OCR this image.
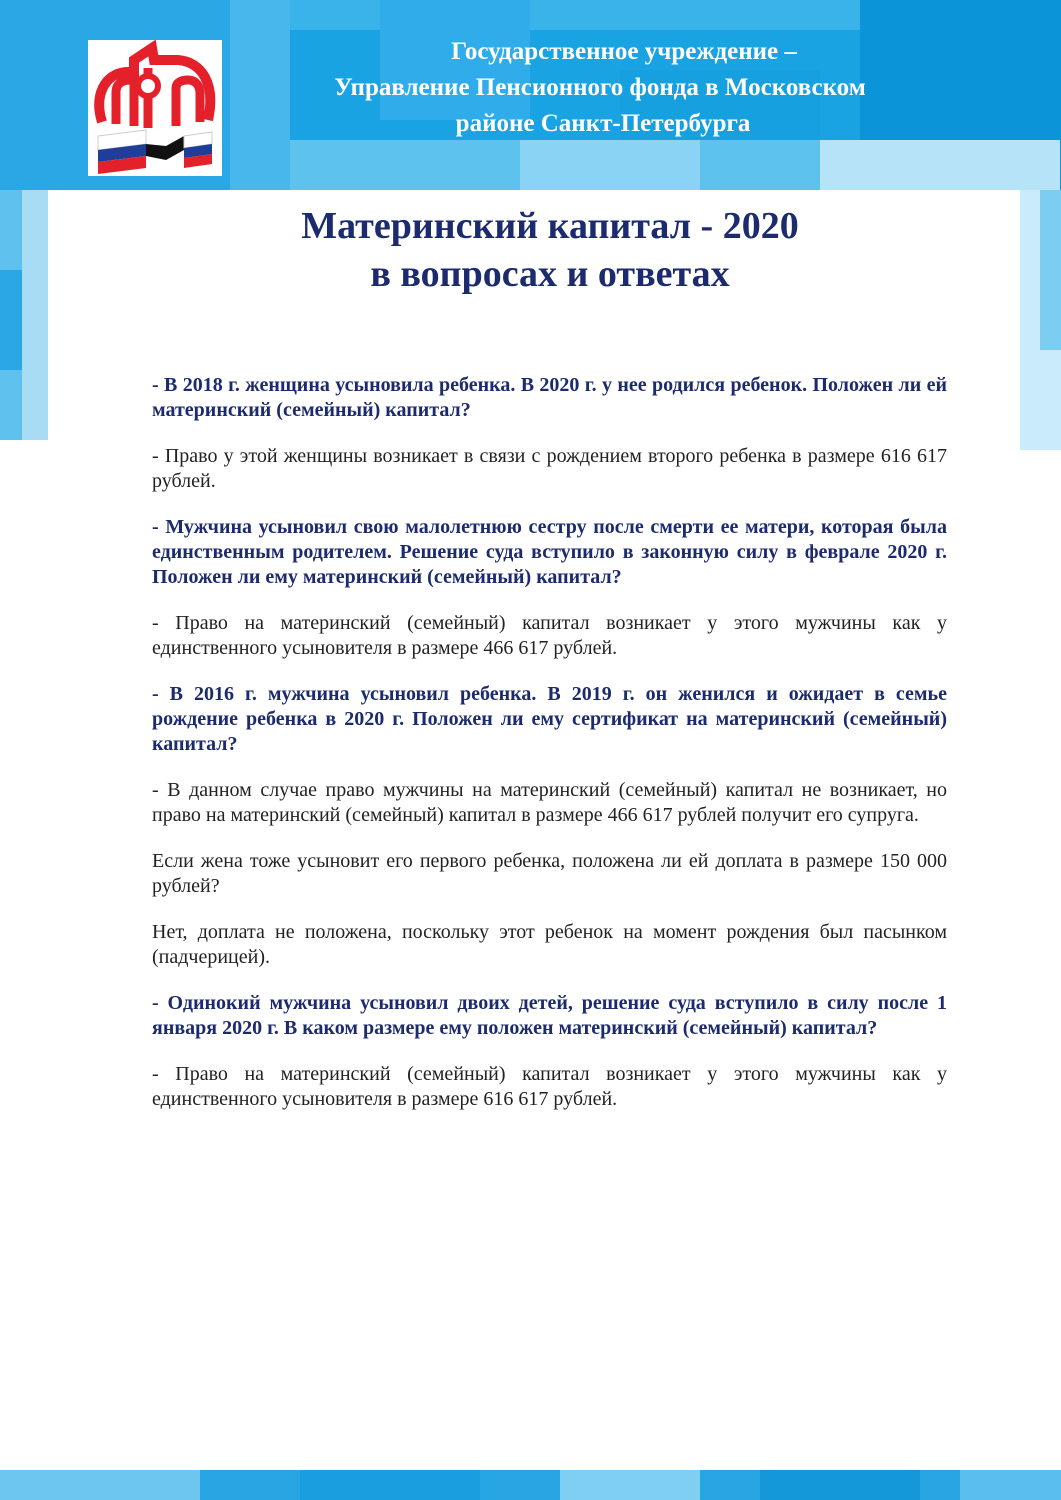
Государственное учреждение –
Управление Пенсионного фонда в Московском
районе Санкт-Петербурга
Материнский капитал - 2020
в вопросах и ответах

- В 2018 г. женщина усыновила ребенка. В 2020 г. у нее родился ребенок. Положен ли ей материнский (семейный) капитал?

- Право у этой женщины возникает в связи с рождением второго ребенка в размере 616 617 рублей.

- Мужчина усыновил свою малолетнюю сестру после смерти ее матери, которая была единственным родителем. Решение суда вступило в законную силу в феврале 2020 г. Положен ли ему материнский (семейный) капитал?

- Право на материнский (семейный) капитал возникает у этого мужчины как у единственного усыновителя в размере 466 617 рублей.

- В 2016 г. мужчина усыновил ребенка. В 2019 г. он женился и ожидает в семье рождение ребенка в 2020 г. Положен ли ему сертификат на материнский (семейный) капитал?

- В данном случае право мужчины на материнский (семейный) капитал не возникает, но право на материнский (семейный) капитал в размере 466 617 рублей получит его супруга.

Если жена тоже усыновит его первого ребенка, положена ли ей доплата в размере 150 000 рублей?

Нет, доплата не положена, поскольку этот ребенок на момент рождения был пасынком (падчерицей).

- Одинокий мужчина усыновил двоих детей, решение суда вступило в силу после 1 января 2020 г. В каком размере ему положен материнский (семейный) капитал?

- Право на материнский (семейный) капитал возникает у этого мужчины как у единственного усыновителя в размере 616 617 рублей.
